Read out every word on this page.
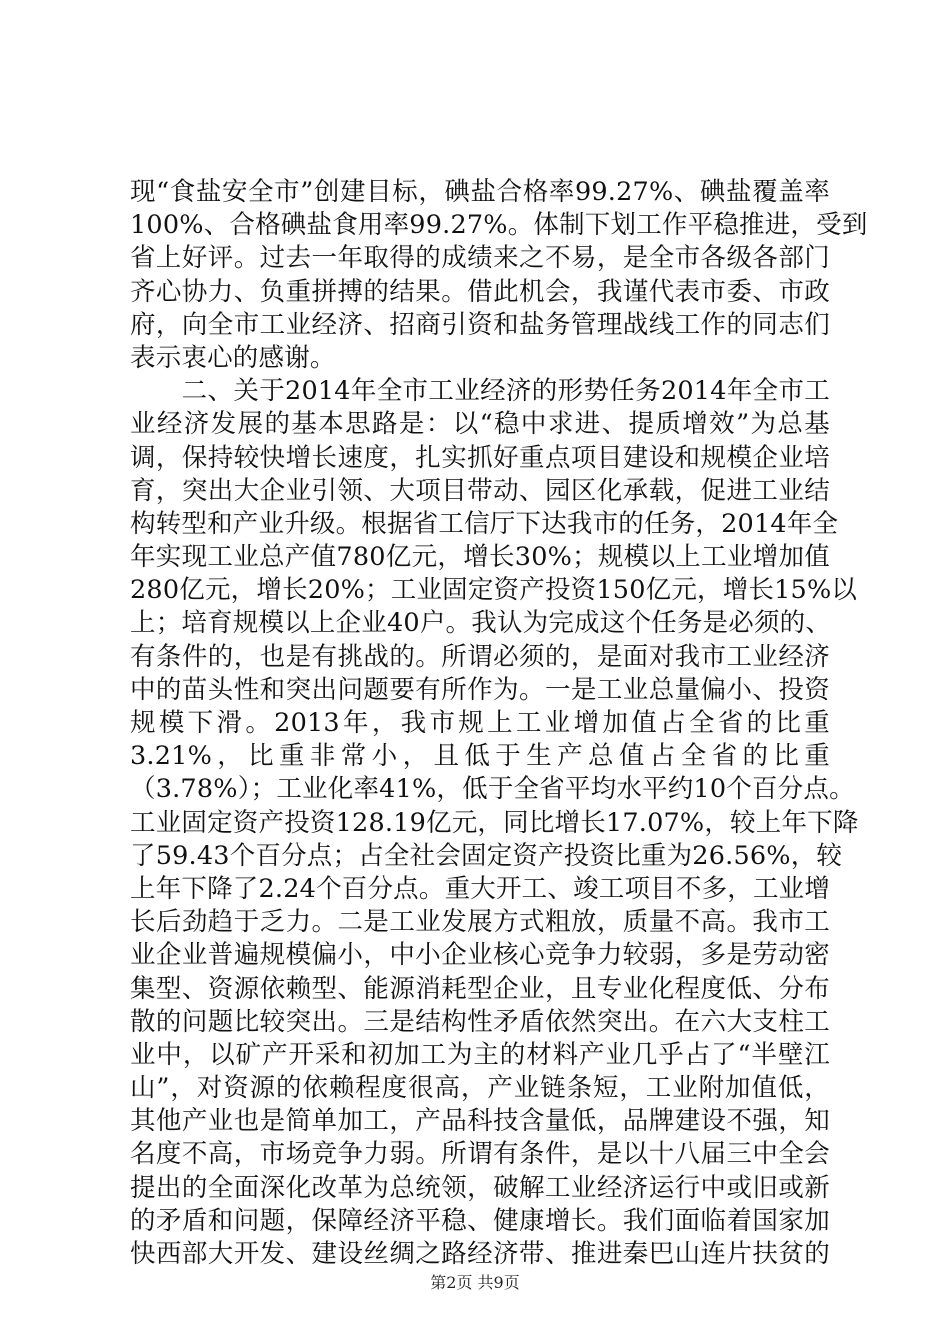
现“食盐安全市”创建目标，碘盐合格率99.27%、碘盐覆盖率
100%、合格碘盐食用率99.27%。体制下划工作平稳推进，受到
省上好评。过去一年取得的成绩来之不易，是全市各级各部门
齐心协力、负重拼搏的结果。借此机会，我谨代表市委、市政
府，向全市工业经济、招商引资和盐务管理战线工作的同志们
表示衷心的感谢。
　　二、关于2014年全市工业经济的形势任务2014年全市工
业经济发展的基本思路是：以“稳中求进、提质增效”为总基
调，保持较快增长速度，扎实抓好重点项目建设和规模企业培
育，突出大企业引领、大项目带动、园区化承载，促进工业结
构转型和产业升级。根据省工信厅下达我市的任务，2014年全
年实现工业总产值780亿元，增长30%；规模以上工业增加值
280亿元，增长20%；工业固定资产投资150亿元，增长15%以
上；培育规模以上企业40户。我认为完成这个任务是必须的、
有条件的，也是有挑战的。所谓必须的，是面对我市工业经济
中的苗头性和突出问题要有所作为。一是工业总量偏小、投资
规模下滑。2013年，我市规上工业增加值占全省的比重
3.21%，比重非常小，且低于生产总值占全省的比重
（3.78%）；工业化率41%，低于全省平均水平约10个百分点。
工业固定资产投资128.19亿元，同比增长17.07%，较上年下降
了59.43个百分点；占全社会固定资产投资比重为26.56%，较
上年下降了2.24个百分点。重大开工、竣工项目不多，工业增
长后劲趋于乏力。二是工业发展方式粗放，质量不高。我市工
业企业普遍规模偏小，中小企业核心竞争力较弱，多是劳动密
集型、资源依赖型、能源消耗型企业，且专业化程度低、分布
散的问题比较突出。三是结构性矛盾依然突出。在六大支柱工
业中，以矿产开采和初加工为主的材料产业几乎占了“半壁江
山”，对资源的依赖程度很高，产业链条短，工业附加值低，
其他产业也是简单加工，产品科技含量低，品牌建设不强，知
名度不高，市场竞争力弱。所谓有条件，是以十八届三中全会
提出的全面深化改革为总统领，破解工业经济运行中或旧或新
的矛盾和问题，保障经济平稳、健康增长。我们面临着国家加
快西部大开发、建设丝绸之路经济带、推进秦巴山连片扶贫的
第2页 共9页
